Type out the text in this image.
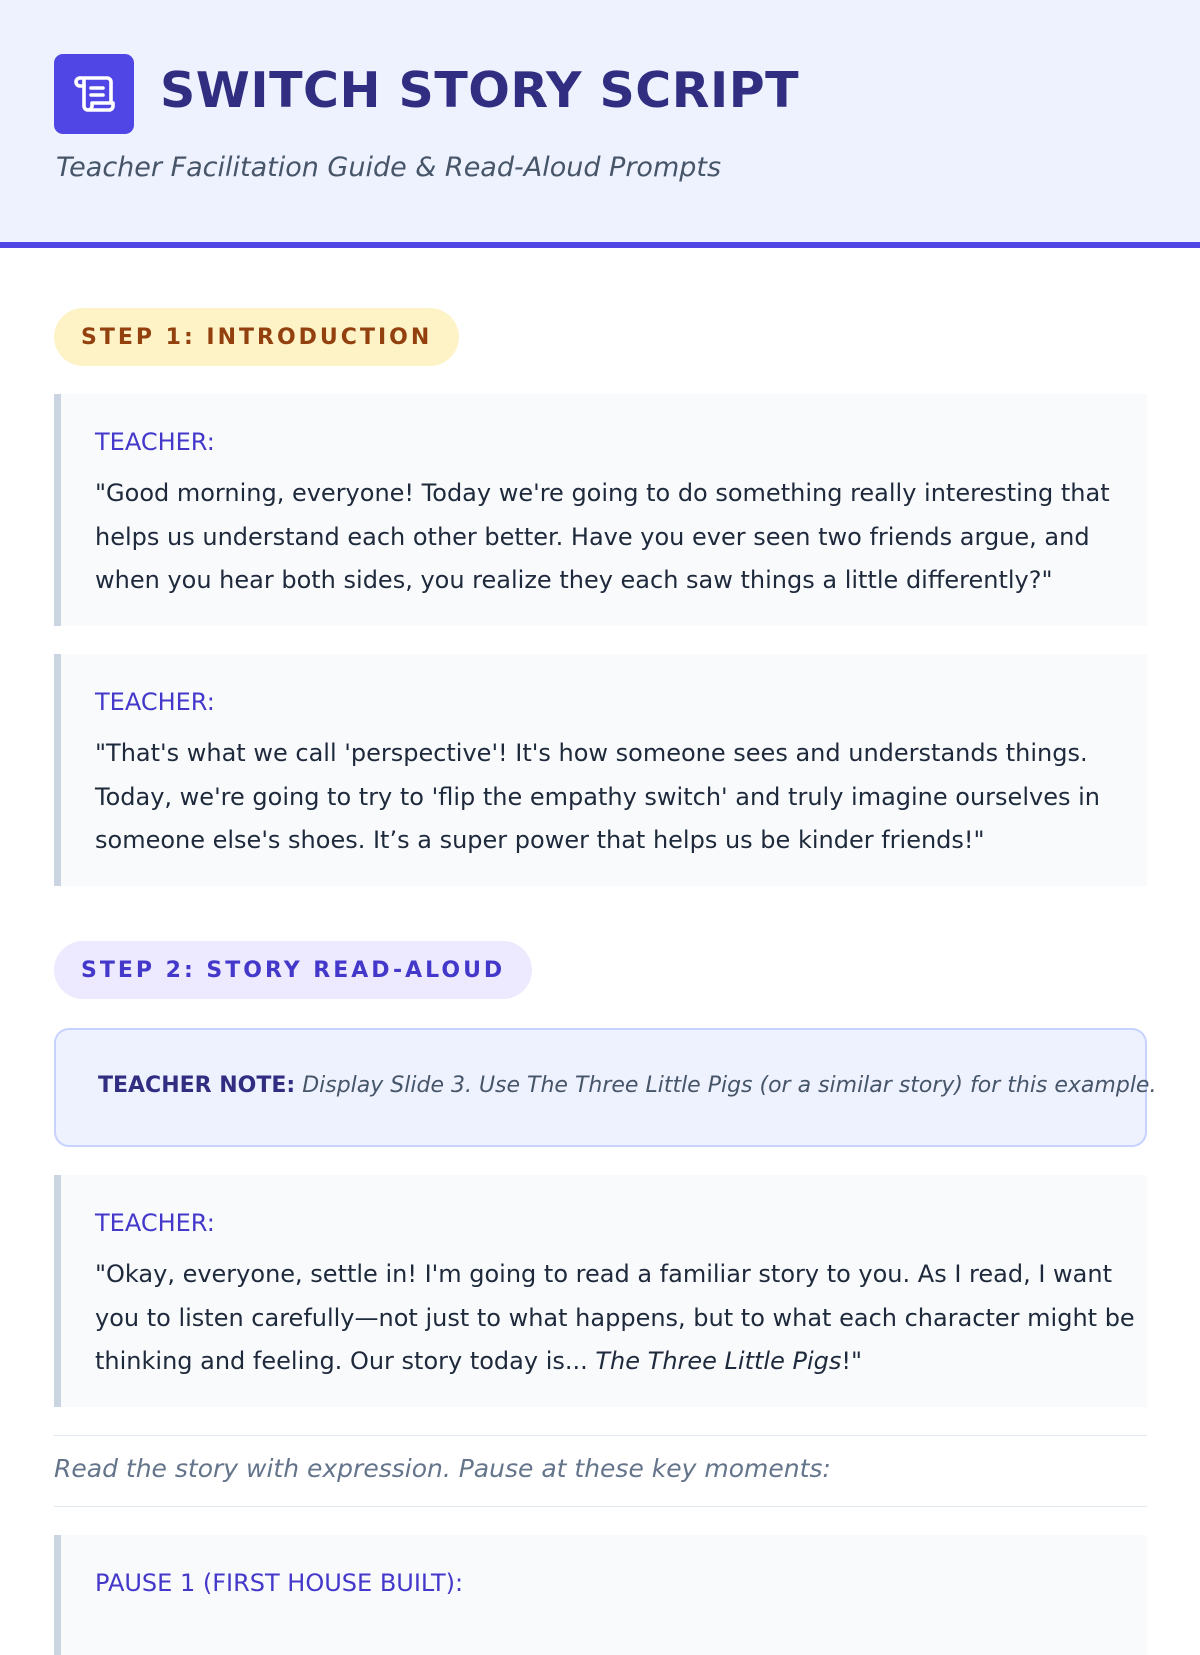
SWITCH STORY SCRIPT
Teacher Facilitation Guide & Read-Aloud Prompts
STEP 1: INTRODUCTION
TEACHER:
"Good morning, everyone! Today we're going to do something really interesting that helps us understand each other better. Have you ever seen two friends argue, and when you hear both sides, you realize they each saw things a little differently?"
TEACHER:
"That's what we call 'perspective'! It's how someone sees and understands things. Today, we're going to try to 'flip the empathy switch' and truly imagine ourselves in someone else's shoes. It’s a super power that helps us be kinder friends!"
STEP 2: STORY READ-ALOUD
TEACHER NOTE: Display Slide 3. Use The Three Little Pigs (or a similar story) for this example.
TEACHER:
"Okay, everyone, settle in! I'm going to read a familiar story to you. As I read, I want you to listen carefully—not just to what happens, but to what each character might be thinking and feeling. Our story today is... The Three Little Pigs!"
Read the story with expression. Pause at these key moments:
PAUSE 1 (FIRST HOUSE BUILT):
